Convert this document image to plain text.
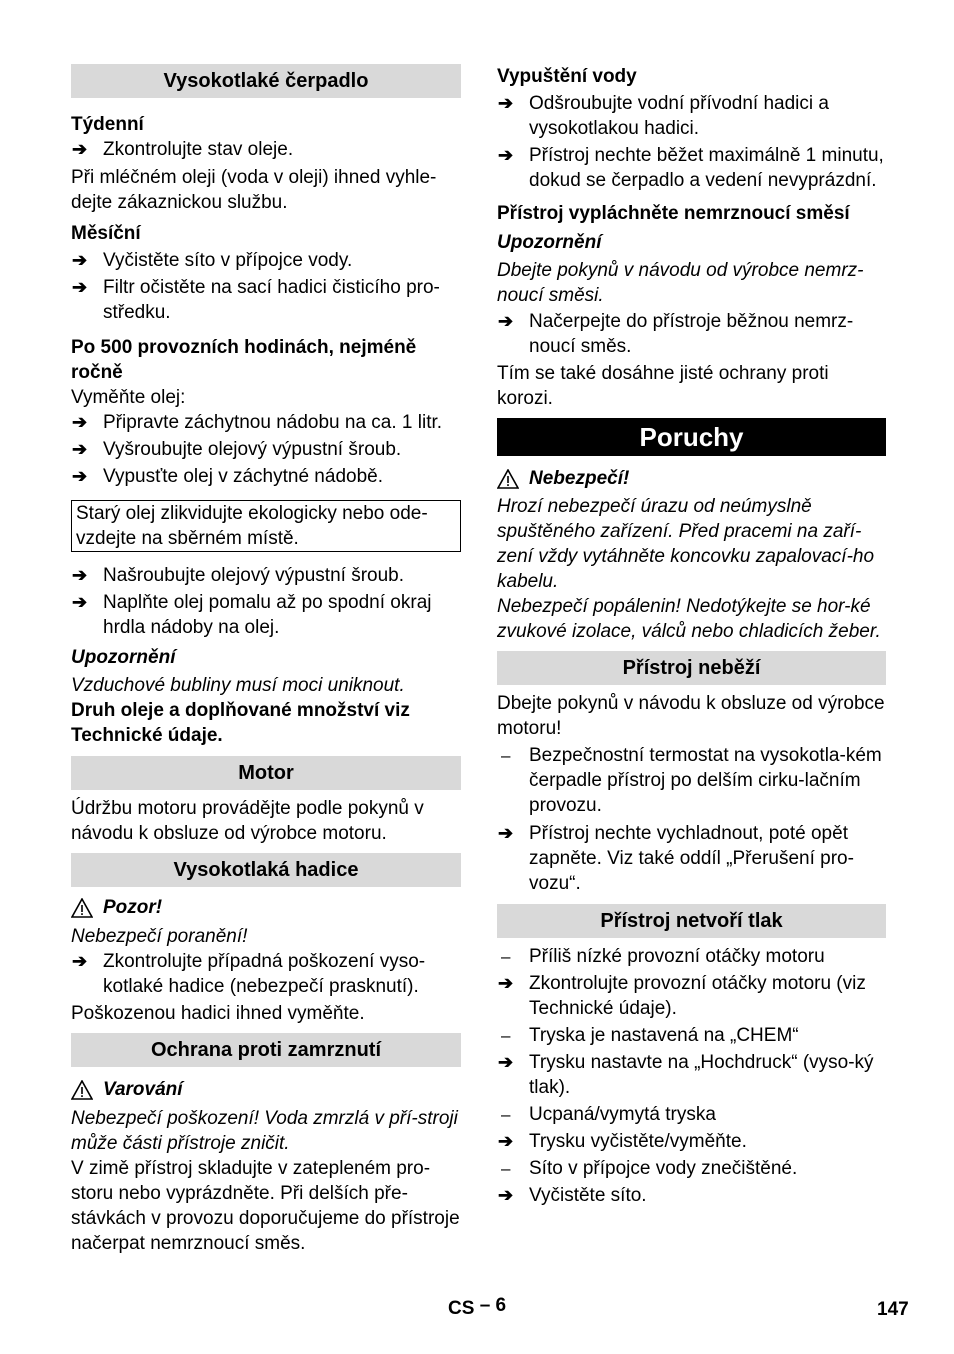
Vysokotlaké čerpadlo

Týdenní

➔ Zkontrolujte stav oleje.

Při mléčném oleji (voda v oleji) ihned vyhle-dejte zákaznickou službu.

Měsíční

➔ Vyčistěte síto v přípojce vody.
➔ Filtr očistěte na sací hadici čisticího pro-středku.

Po 500 provozních hodinách, nejméně ročně

Vyměňte olej:

➔ Připravte záchytnou nádobu na ca. 1 litr.
➔ Vyšroubujte olejový výpustní šroub.
➔ Vypusťte olej v záchytné nádobě.
Starý olej zlikvidujte ekologicky nebo ode-vzdejte na sběrném místě.
➔ Našroubujte olejový výpustní šroub.
➔ Naplňte olej pomalu až po spodní okraj hrdla nádoby na olej.

Upozornění

Vzduchové bubliny musí moci uniknout.

Druh oleje a doplňované množství viz Technické údaje.

Motor

Údržbu motoru provádějte podle pokynů v návodu k obsluze od výrobce motoru.

Vysokotlaká hadice
Pozor!

Nebezpečí poranění!

➔ Zkontrolujte případná poškození vyso-kotlaké hadice (nebezpečí prasknutí).

Poškozenou hadici ihned vyměňte.

Ochrana proti zamrznutí
Varování

Nebezpečí poškození! Voda zmrzlá v pří-stroji může části přístroje zničit.

V zimě přístroj skladujte v zatepleném pro-storu nebo vyprázdněte. Při delších pře-stávkách v provozu doporučujeme do přístroje načerpat nemrznoucí směs.

Vypuštění vody

➔ Odšroubujte vodní přívodní hadici a vysokotlakou hadici.
➔ Přístroj nechte běžet maximálně 1 minutu, dokud se čerpadlo a vedení nevyprázdní.

Přístroj vypláchněte nemrznoucí směsí

Upozornění

Dbejte pokynů v návodu od výrobce nemrz-noucí směsi.

➔ Načerpejte do přístroje běžnou nemrz-noucí směs.

Tím se také dosáhne jisté ochrany proti korozi.

Poruchy
Nebezpečí!

Hrozí nebezpečí úrazu od neúmyslně spuštěného zařízení. Před pracemi na zaří-zení vždy vytáhněte koncovku zapalovací-ho kabelu.

Nebezpečí popálenin! Nedotýkejte se hor-ké zvukové izolace, válců nebo chladicích žeber.

Přístroj neběží

Dbejte pokynů v návodu k obsluze od výrobce motoru!

– Bezpečnostní termostat na vysokotla-kém čerpadle přístroj po delším cirku-lačním provozu.
➔ Přístroj nechte vychladnout, poté opět zapněte. Viz také oddíl „Přerušení pro-vozu“.
Přístroj netvoří tlak
– Příliš nízké provozní otáčky motoru
➔ Zkontrolujte provozní otáčky motoru (viz Technické údaje).
– Tryska je nastavená na „CHEM“
➔ Trysku nastavte na „Hochdruck“ (vyso-ký tlak).
– Ucpaná/vymytá tryska
➔ Trysku vyčistěte/vyměňte.
– Síto v přípojce vody znečištěné.
➔ Vyčistěte síto.
CS – 6	147
